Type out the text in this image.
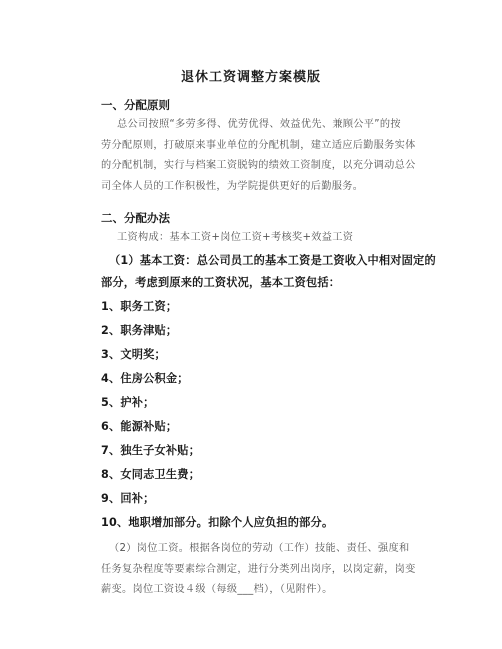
退休工资调整方案模版
一、分配原则
总公司按照“多劳多得、优劳优得、效益优先、兼顾公平”的按
劳分配原则，打破原来事业单位的分配机制，建立适应后勤服务实体
的分配机制，实行与档案工资脱钩的绩效工资制度，以充分调动总公
司全体人员的工作积极性，为学院提供更好的后勤服务。
二、分配办法
工资构成：基本工资+岗位工资+考核奖+效益工资
（1）基本工资：总公司员工的基本工资是工资收入中相对固定的
部分，考虑到原来的工资状况，基本工资包括：
1、职务工资；
2、职务津贴；
3、文明奖；
4、住房公积金；
5、护补；
6、能源补贴；
7、独生子女补贴；
8、女同志卫生费；
9、回补；
10、地职增加部分。扣除个人应负担的部分。
（2）岗位工资。根据各岗位的劳动（工作）技能、责任、强度和
任务复杂程度等要素综合测定，进行分类列出岗序，以岗定薪，岗变
薪变。岗位工资设４级（每级___档），（见附件）。
